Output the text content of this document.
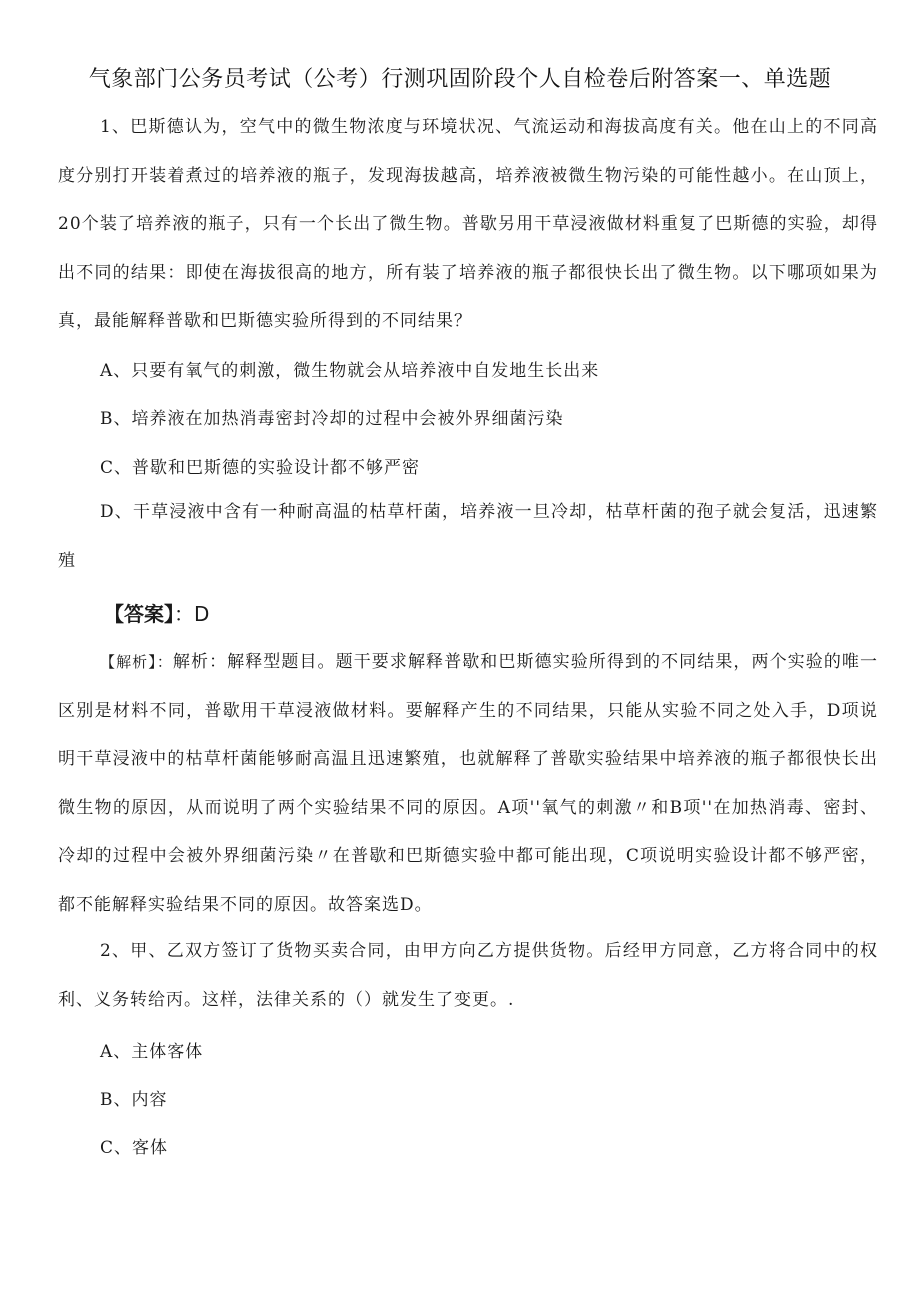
气象部门公务员考试（公考）行测巩固阶段个人自检卷后附答案一、单选题

1、巴斯德认为，空气中的微生物浓度与环境状况、气流运动和海拔高度有关。他在山上的不同高度分别打开装着煮过的培养液的瓶子，发现海拔越高，培养液被微生物污染的可能性越小。在山顶上，20个装了培养液的瓶子，只有一个长出了微生物。普歇另用干草浸液做材料重复了巴斯德的实验，却得出不同的结果：即使在海拔很高的地方，所有装了培养液的瓶子都很快长出了微生物。以下哪项如果为真，最能解释普歇和巴斯德实验所得到的不同结果？

A、只要有氧气的刺激，微生物就会从培养液中自发地生长出来

B、培养液在加热消毒密封冷却的过程中会被外界细菌污染

C、普歇和巴斯德的实验设计都不够严密

D、干草浸液中含有一种耐高温的枯草杆菌，培养液一旦冷却，枯草杆菌的孢子就会复活，迅速繁殖

【答案】：D

【解析】：解析：解释型题目。题干要求解释普歇和巴斯德实验所得到的不同结果，两个实验的唯一区别是材料不同，普歇用干草浸液做材料。要解释产生的不同结果，只能从实验不同之处入手，D项说明干草浸液中的枯草杆菌能够耐高温且迅速繁殖，也就解释了普歇实验结果中培养液的瓶子都很快长出微生物的原因，从而说明了两个实验结果不同的原因。A项''氧气的刺激〃和B项''在加热消毒、密封、冷却的过程中会被外界细菌污染〃在普歇和巴斯德实验中都可能出现，C项说明实验设计都不够严密，都不能解释实验结果不同的原因。故答案选D。

2、甲、乙双方签订了货物买卖合同，由甲方向乙方提供货物。后经甲方同意，乙方将合同中的权利、义务转给丙。这样，法律关系的（）就发生了变更。.

A、主体客体

B、内容

C、客体
